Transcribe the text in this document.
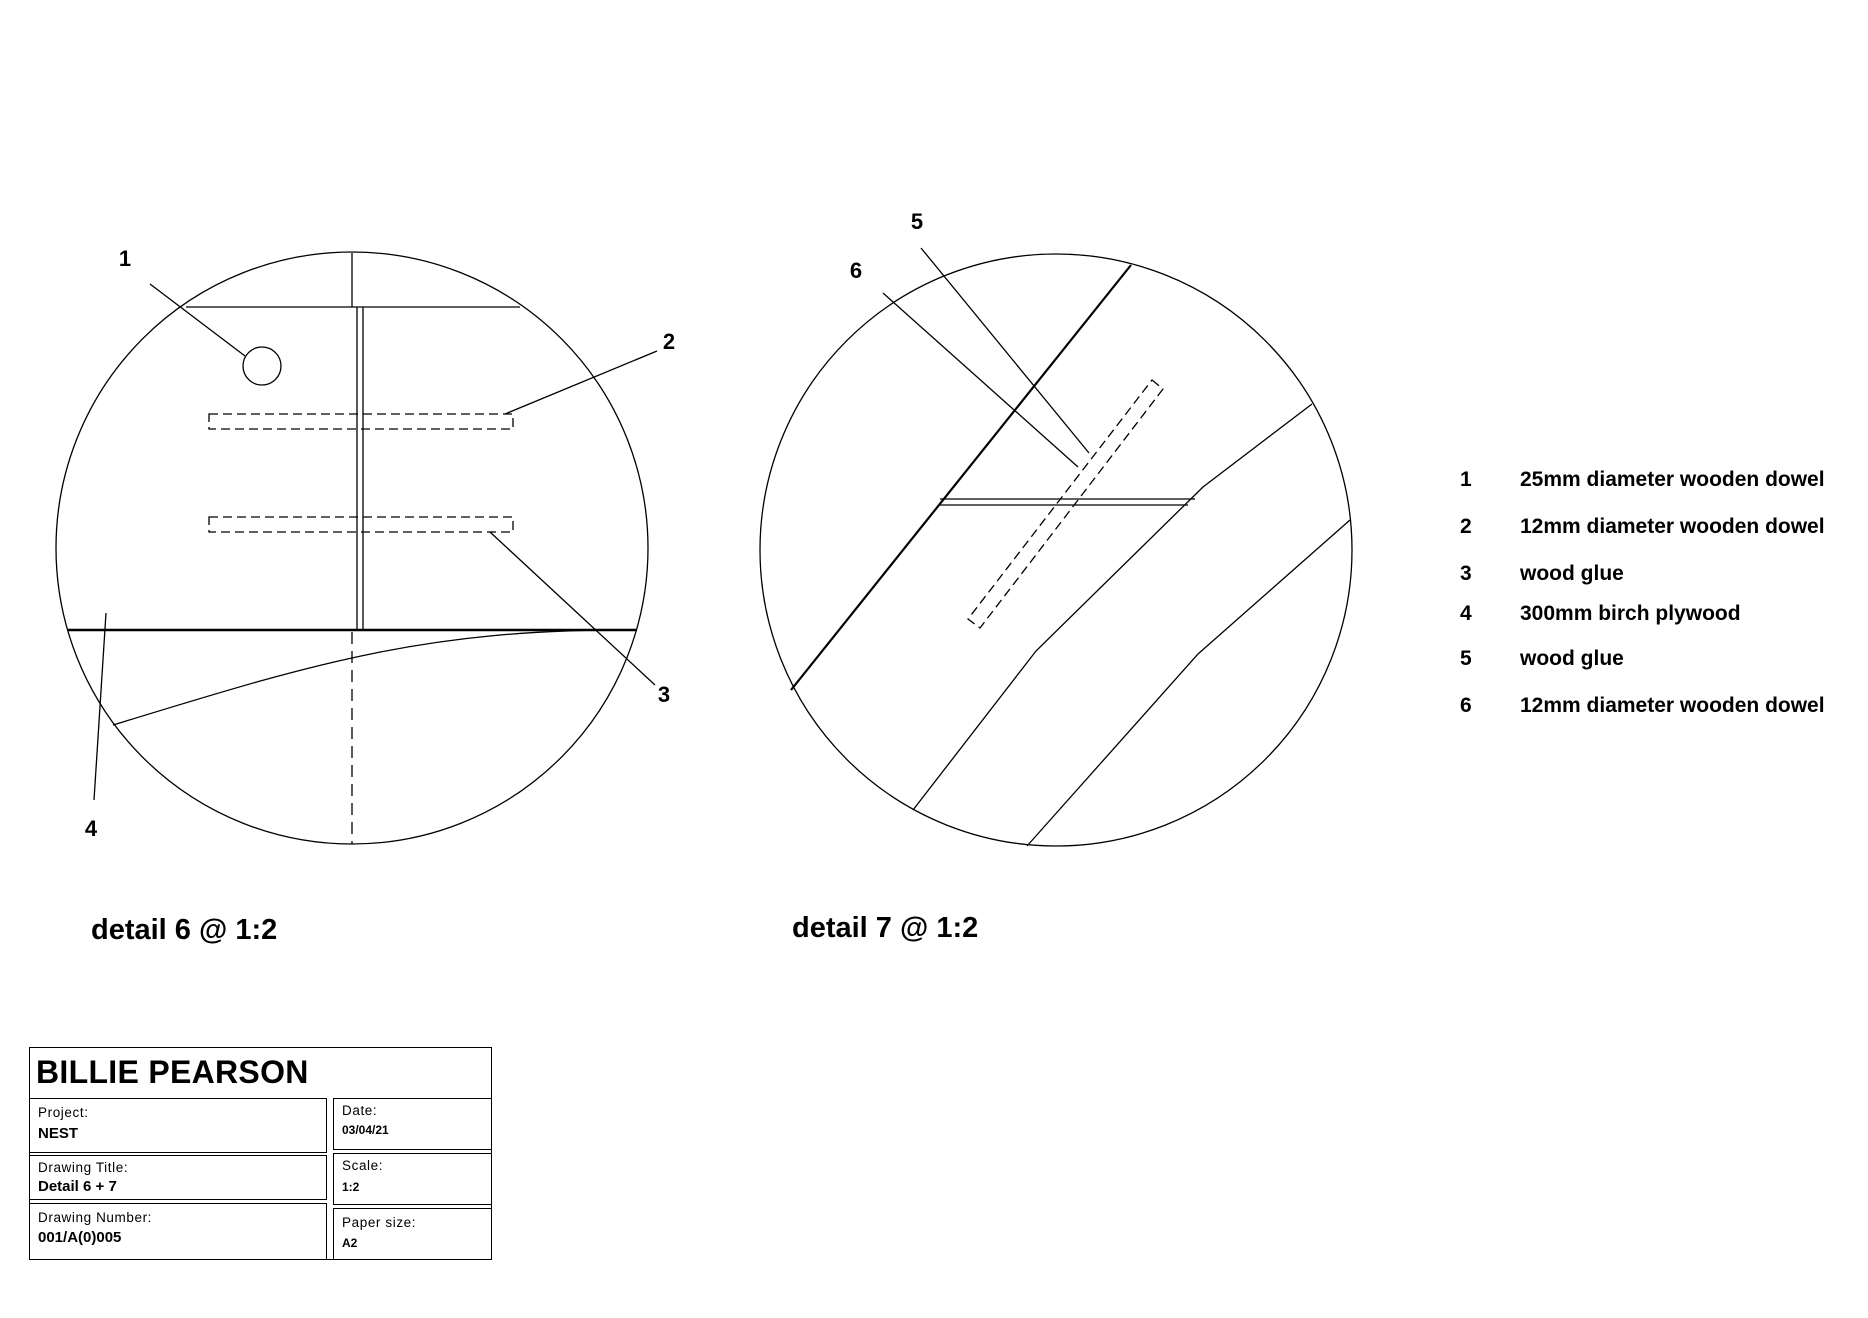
1
2
3
4
5
6
detail 6 @ 1:2	detail 7 @ 1:2
1 25mm diameter wooden dowel
2 12mm diameter wooden dowel
3 wood glue
4 300mm birch plywood
5 wood glue
6 12mm diameter wooden dowel
BILLIE PEARSON
Project:
NEST
Drawing Title:
Detail 6 + 7
Drawing Number:
001/A(0)005
Date:
03/04/21
Scale:
1:2
Paper size:
A2
